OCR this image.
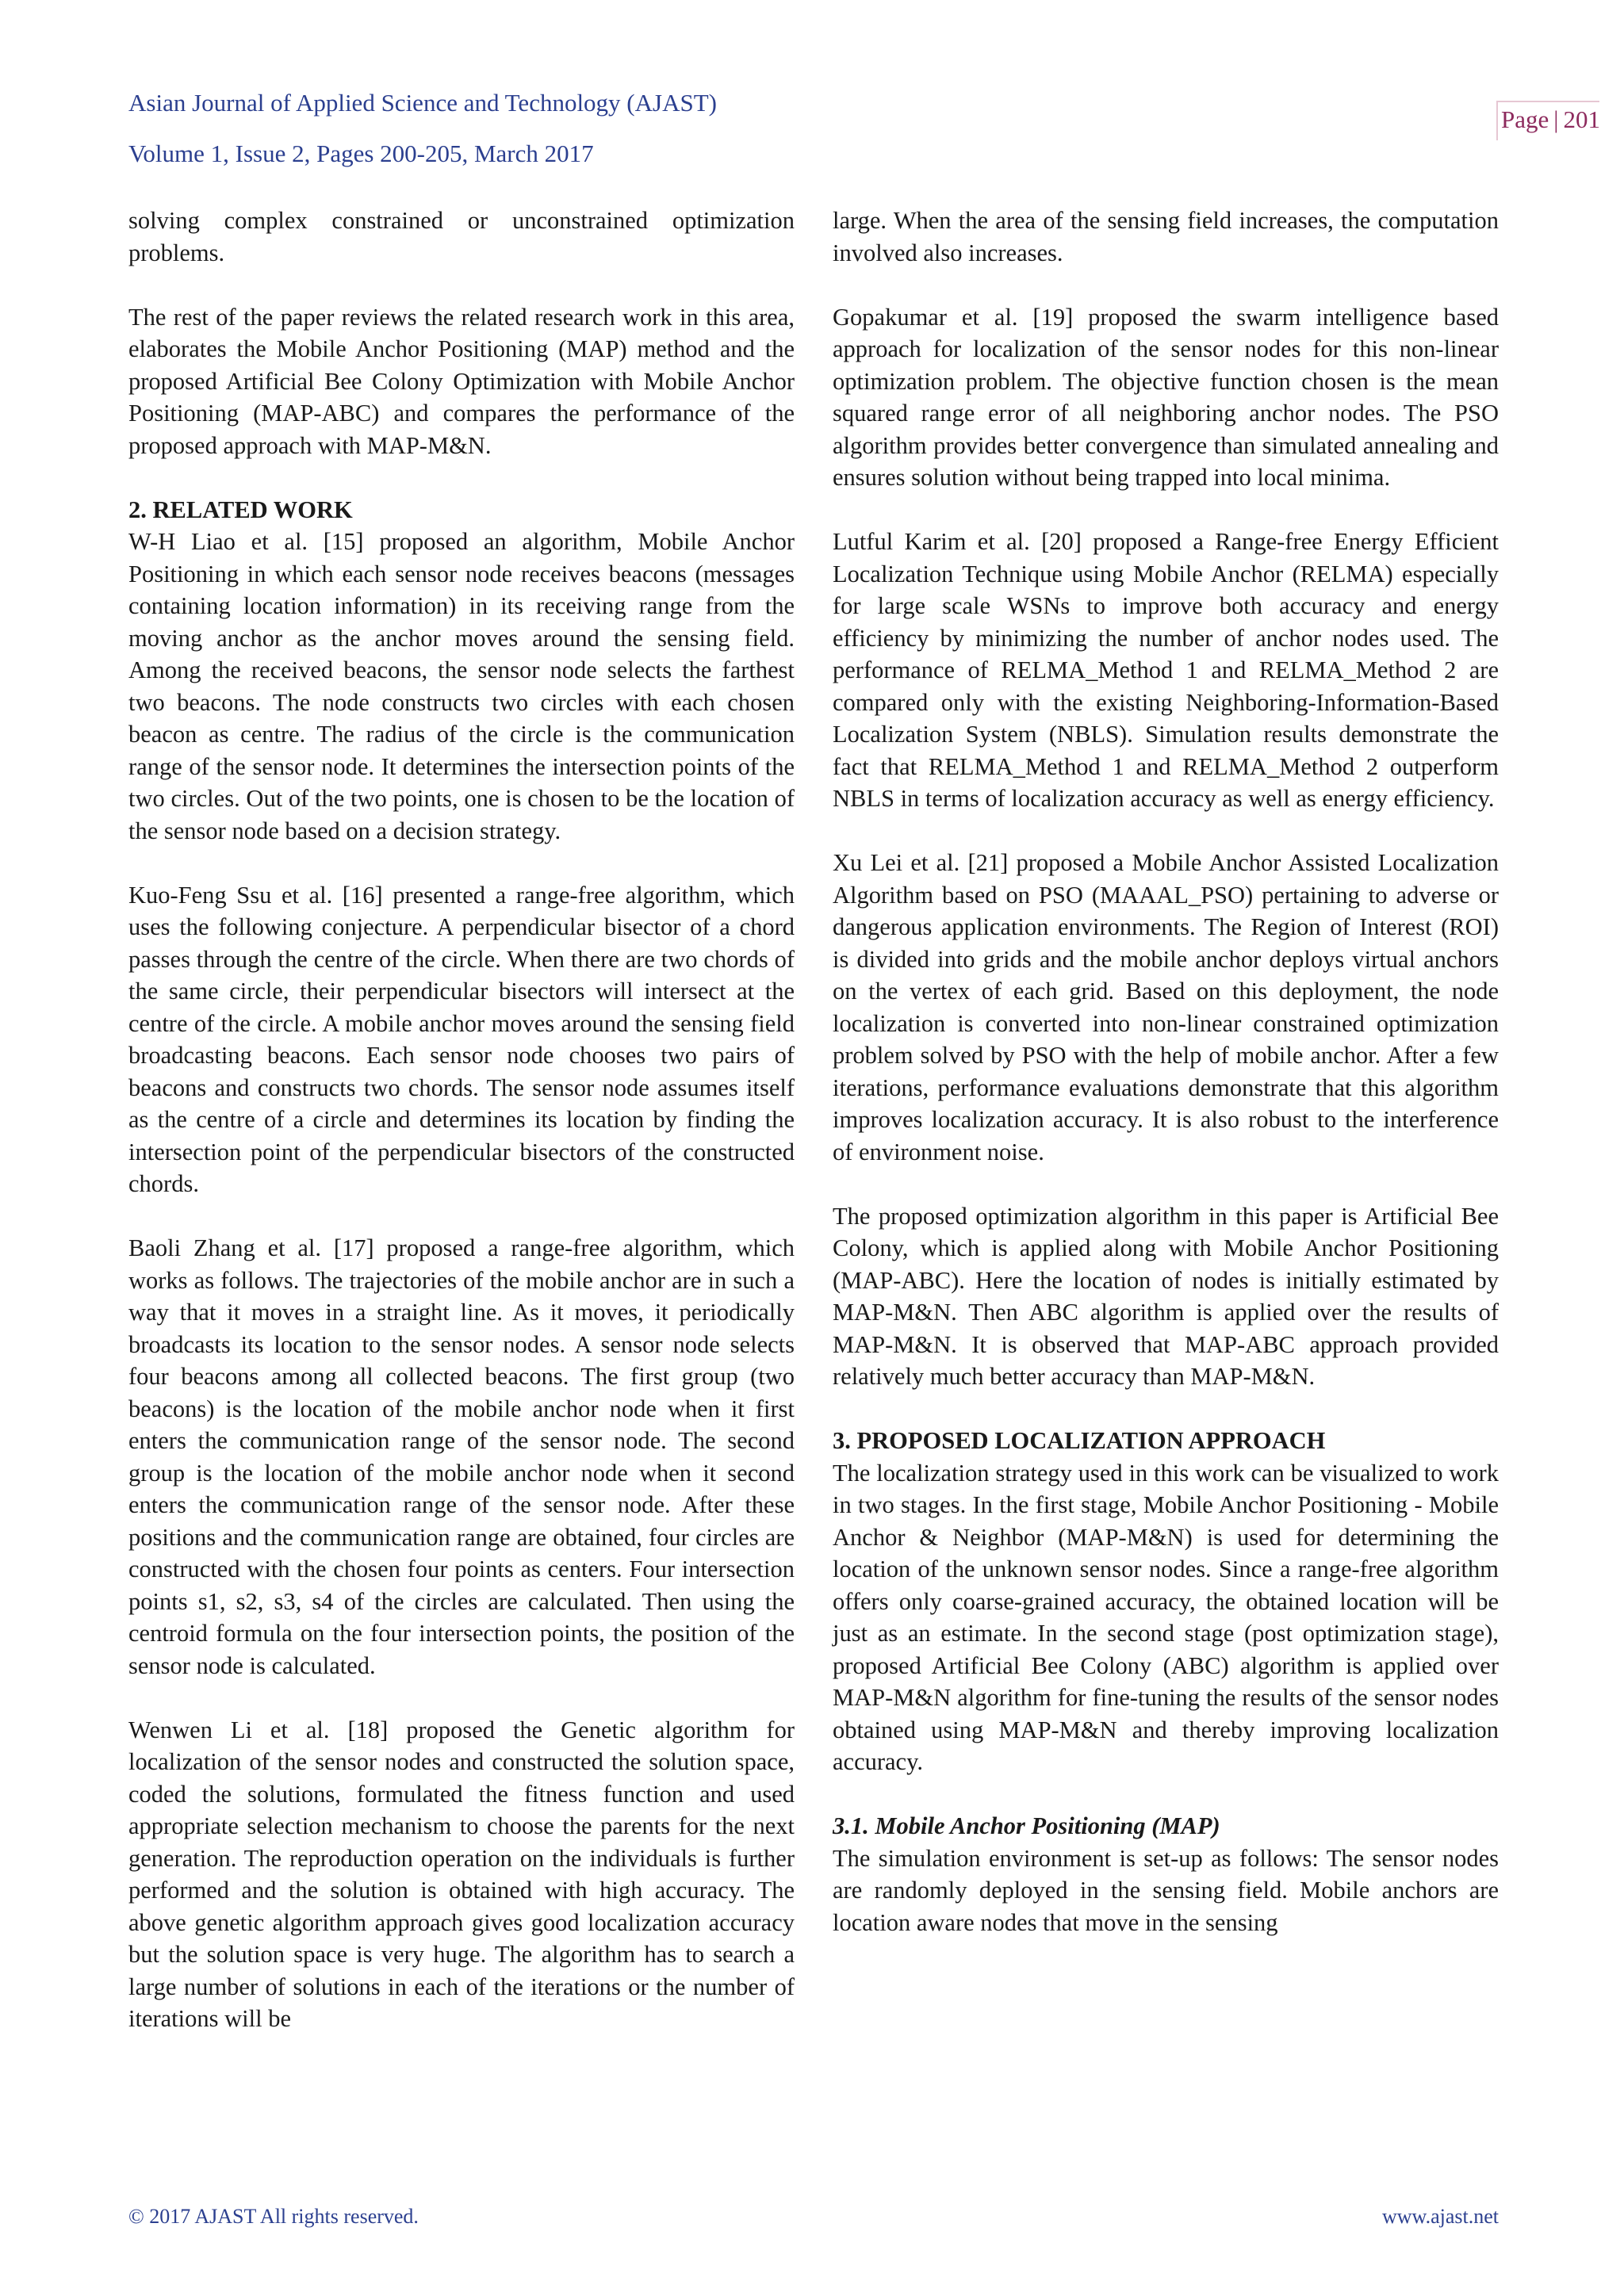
Asian Journal of Applied Science and Technology (AJAST)
Volume 1, Issue 2, Pages 200-205, March 2017
Page | 201

solving complex constrained or unconstrained optimization problems.

The rest of the paper reviews the related research work in this area, elaborates the Mobile Anchor Positioning (MAP) method and the proposed Artificial Bee Colony Optimization with Mobile Anchor Positioning (MAP-ABC) and compares the performance of the proposed approach with MAP-M&N.

2. RELATED WORK

W-H Liao et al. [15] proposed an algorithm, Mobile Anchor Positioning in which each sensor node receives beacons (messages containing location information) in its receiving range from the moving anchor as the anchor moves around the sensing field. Among the received beacons, the sensor node selects the farthest two beacons. The node constructs two circles with each chosen beacon as centre. The radius of the circle is the communication range of the sensor node. It determines the intersection points of the two circles. Out of the two points, one is chosen to be the location of the sensor node based on a decision strategy.

Kuo-Feng Ssu et al. [16] presented a range-free algorithm, which uses the following conjecture. A perpendicular bisector of a chord passes through the centre of the circle. When there are two chords of the same circle, their perpendicular bisectors will intersect at the centre of the circle. A mobile anchor moves around the sensing field broadcasting beacons. Each sensor node chooses two pairs of beacons and constructs two chords. The sensor node assumes itself as the centre of a circle and determines its location by finding the intersection point of the perpendicular bisectors of the constructed chords.

Baoli Zhang et al. [17] proposed a range-free algorithm, which works as follows. The trajectories of the mobile anchor are in such a way that it moves in a straight line. As it moves, it periodically broadcasts its location to the sensor nodes. A sensor node selects four beacons among all collected beacons. The first group (two beacons) is the location of the mobile anchor node when it first enters the communication range of the sensor node. The second group is the location of the mobile anchor node when it second enters the communication range of the sensor node. After these positions and the communication range are obtained, four circles are constructed with the chosen four points as centers. Four intersection points s1, s2, s3, s4 of the circles are calculated. Then using the centroid formula on the four intersection points, the position of the sensor node is calculated.

Wenwen Li et al. [18] proposed the Genetic algorithm for localization of the sensor nodes and constructed the solution space, coded the solutions, formulated the fitness function and used appropriate selection mechanism to choose the parents for the next generation. The reproduction operation on the individuals is further performed and the solution is obtained with high accuracy. The above genetic algorithm approach gives good localization accuracy but the solution space is very huge. The algorithm has to search a large number of solutions in each of the iterations or the number of iterations will be

large. When the area of the sensing field increases, the computation involved also increases.

Gopakumar et al. [19] proposed the swarm intelligence based approach for localization of the sensor nodes for this non-linear optimization problem. The objective function chosen is the mean squared range error of all neighboring anchor nodes. The PSO algorithm provides better convergence than simulated annealing and ensures solution without being trapped into local minima.

Lutful Karim et al. [20] proposed a Range-free Energy Efficient Localization Technique using Mobile Anchor (RELMA) especially for large scale WSNs to improve both accuracy and energy efficiency by minimizing the number of anchor nodes used. The performance of RELMA_Method 1 and RELMA_Method 2 are compared only with the existing Neighboring-Information-Based Localization System (NBLS). Simulation results demonstrate the fact that RELMA_Method 1 and RELMA_Method 2 outperform NBLS in terms of localization accuracy as well as energy efficiency.

Xu Lei et al. [21] proposed a Mobile Anchor Assisted Localization Algorithm based on PSO (MAAAL_PSO) pertaining to adverse or dangerous application environments. The Region of Interest (ROI) is divided into grids and the mobile anchor deploys virtual anchors on the vertex of each grid. Based on this deployment, the node localization is converted into non-linear constrained optimization problem solved by PSO with the help of mobile anchor. After a few iterations, performance evaluations demonstrate that this algorithm improves localization accuracy. It is also robust to the interference of environment noise.

The proposed optimization algorithm in this paper is Artificial Bee Colony, which is applied along with Mobile Anchor Positioning (MAP-ABC). Here the location of nodes is initially estimated by MAP-M&N. Then ABC algorithm is applied over the results of MAP-M&N. It is observed that MAP-ABC approach provided relatively much better accuracy than MAP-M&N.

3. PROPOSED LOCALIZATION APPROACH

The localization strategy used in this work can be visualized to work in two stages. In the first stage, Mobile Anchor Positioning - Mobile Anchor & Neighbor (MAP-M&N) is used for determining the location of the unknown sensor nodes. Since a range-free algorithm offers only coarse-grained accuracy, the obtained location will be just as an estimate. In the second stage (post optimization stage), proposed Artificial Bee Colony (ABC) algorithm is applied over MAP-M&N algorithm for fine-tuning the results of the sensor nodes obtained using MAP-M&N and thereby improving localization accuracy.

3.1. Mobile Anchor Positioning (MAP)

The simulation environment is set-up as follows: The sensor nodes are randomly deployed in the sensing field. Mobile anchors are location aware nodes that move in the sensing

© 2017 AJAST All rights reserved.	www.ajast.net
